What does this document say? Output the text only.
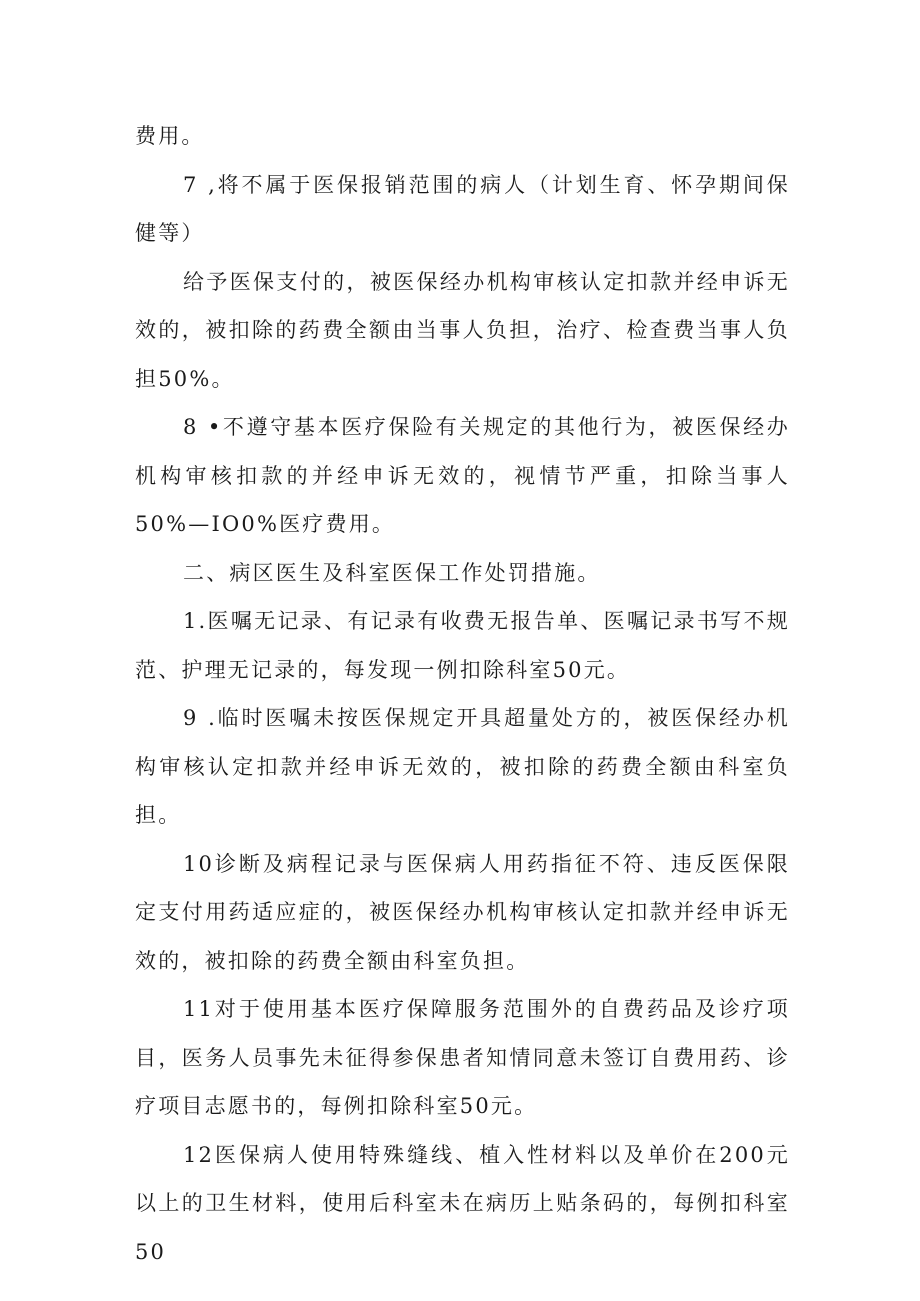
费用。

7 ,将不属于医保报销范围的病人（计划生育、怀孕期间保健等）

给予医保支付的，被医保经办机构审核认定扣款并经申诉无效的，被扣除的药费全额由当事人负担，治疗、检查费当事人负担50%。

8 •不遵守基本医疗保险有关规定的其他行为，被医保经办机构审核扣款的并经申诉无效的，视情节严重，扣除当事人50%—IO0%医疗费用。

二、病区医生及科室医保工作处罚措施。

1.医嘱无记录、有记录有收费无报告单、医嘱记录书写不规范、护理无记录的，每发现一例扣除科室50元。

9 .临时医嘱未按医保规定开具超量处方的，被医保经办机构审核认定扣款并经申诉无效的，被扣除的药费全额由科室负担。

10诊断及病程记录与医保病人用药指征不符、违反医保限定支付用药适应症的，被医保经办机构审核认定扣款并经申诉无效的，被扣除的药费全额由科室负担。

11对于使用基本医疗保障服务范围外的自费药品及诊疗项目，医务人员事先未征得参保患者知情同意未签订自费用药、诊疗项目志愿书的，每例扣除科室50元。

12医保病人使用特殊缝线、植入性材料以及单价在200元以上的卫生材料，使用后科室未在病历上贴条码的，每例扣科室50
